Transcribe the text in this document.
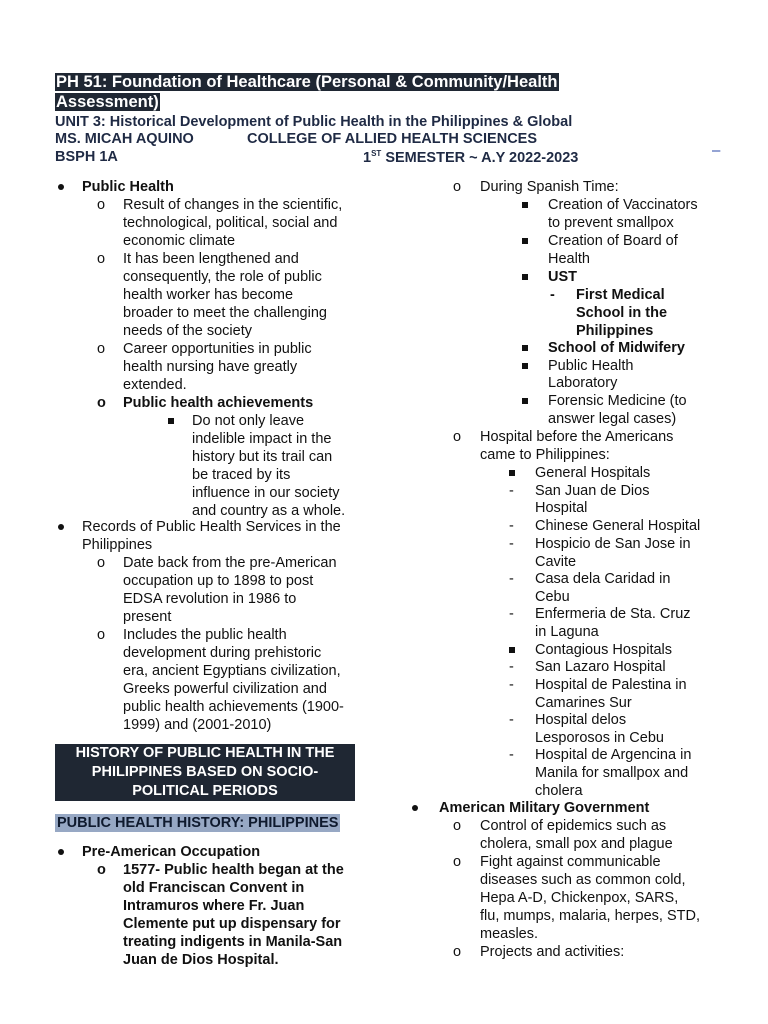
PH 51: Foundation of Healthcare (Personal & Community/Health Assessment)
UNIT 3: Historical Development of Public Health in the Philippines & Global
MS. MICAH AQUINO	COLLEGE OF ALLIED HEALTH SCIENCES
BSPH 1A	1ST SEMESTER ~ A.Y 2022-2023	–
Public Health
o Result of changes in the scientific,
technological, political, social and
economic climate
o It has been lengthened and
consequently, the role of public
health worker has become
broader to meet the challenging
needs of the society
o Career opportunities in public
health nursing have greatly
extended.
o Public health achievements
Do not only leave
indelible impact in the
history but its trail can
be traced by its
influence in our society
and country as a whole.
Records of Public Health Services in the
Philippines
o Date back from the pre-American
occupation up to 1898 to post
EDSA revolution in 1986 to
present
o Includes the public health
development during prehistoric
era, ancient Egyptians civilization,
Greeks powerful civilization and
public health achievements (1900-
1999) and (2001-2010)
HISTORY OF PUBLIC HEALTH IN THE
PHILIPPINES BASED ON SOCIO-
POLITICAL PERIODS
PUBLIC HEALTH HISTORY: PHILIPPINES
Pre-American Occupation
o 1577- Public health began at the
old Franciscan Convent in
Intramuros where Fr. Juan
Clemente put up dispensary for
treating indigents in Manila-San
Juan de Dios Hospital.
o During Spanish Time:
Creation of Vaccinators
to prevent smallpox
Creation of Board of
Health
UST
- First Medical
School in the
Philippines
School of Midwifery
Public Health
Laboratory
Forensic Medicine (to
answer legal cases)
o Hospital before the Americans
came to Philippines:
General Hospitals
- San Juan de Dios
Hospital
- Chinese General Hospital
- Hospicio de San Jose in
Cavite
- Casa dela Caridad in
Cebu
- Enfermeria de Sta. Cruz
in Laguna
Contagious Hospitals
- San Lazaro Hospital
- Hospital de Palestina in
Camarines Sur
- Hospital delos
Lesporosos in Cebu
- Hospital de Argencina in
Manila for smallpox and
cholera
American Military Government
o Control of epidemics such as
cholera, small pox and plague
o Fight against communicable
diseases such as common cold,
Hepa A-D, Chickenpox, SARS,
flu, mumps, malaria, herpes, STD,
measles.
o Projects and activities:
